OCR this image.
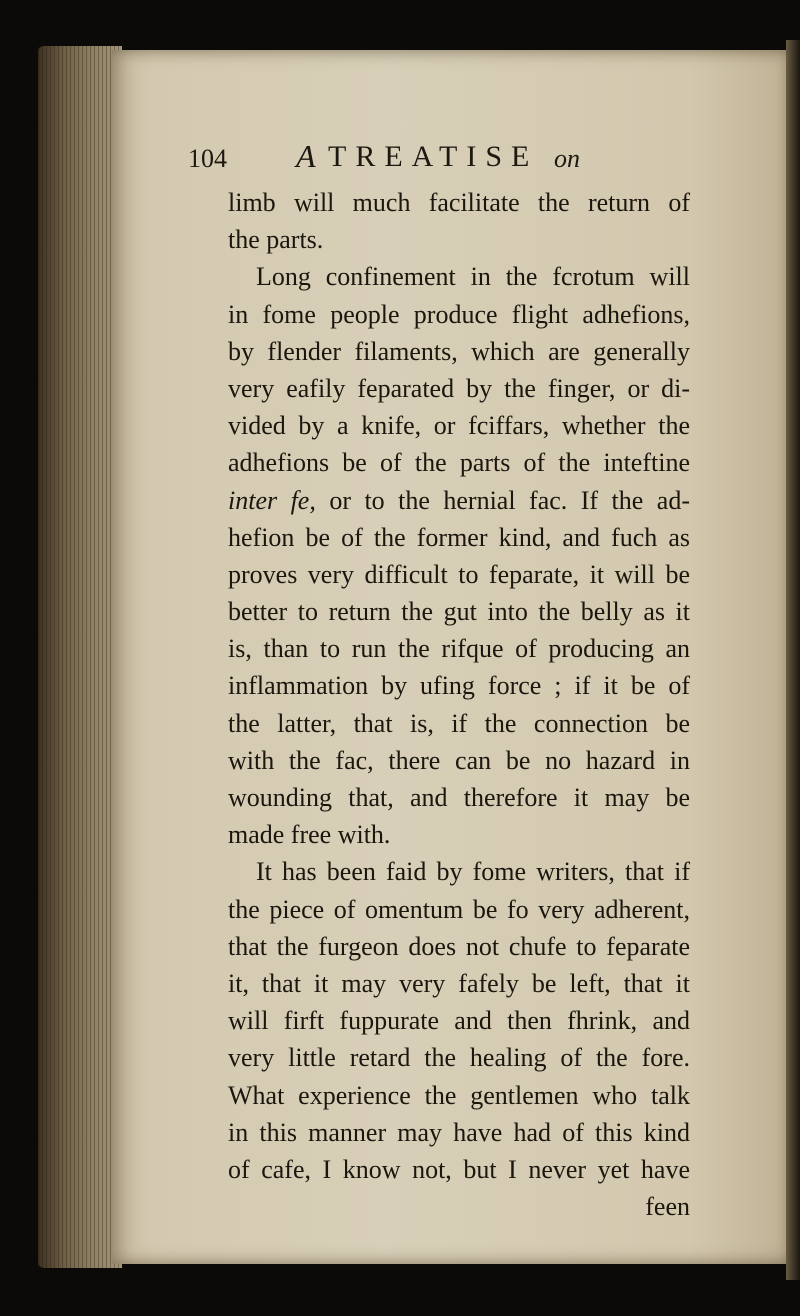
104 A TREATISE on
limb will much facilitate the return of
the parts.
Long confinement in the fcrotum will
in fome people produce flight adhefions,
by flender filaments, which are generally
very eafily feparated by the finger, or di-
vided by a knife, or fciffars, whether the
adhefions be of the parts of the inteftine
inter fe, or to the hernial fac. If the ad-
hefion be of the former kind, and fuch as
proves very difficult to feparate, it will be
better to return the gut into the belly as it
is, than to run the rifque of producing an
inflammation by ufing force ; if it be of
the latter, that is, if the connection be
with the fac, there can be no hazard in
wounding that, and therefore it may be
made free with.
It has been faid by fome writers, that if
the piece of omentum be fo very adherent,
that the furgeon does not chufe to feparate
it, that it may very fafely be left, that it
will firft fuppurate and then fhrink, and
very little retard the healing of the fore.
What experience the gentlemen who talk
in this manner may have had of this kind
of cafe, I know not, but I never yet have
feen
